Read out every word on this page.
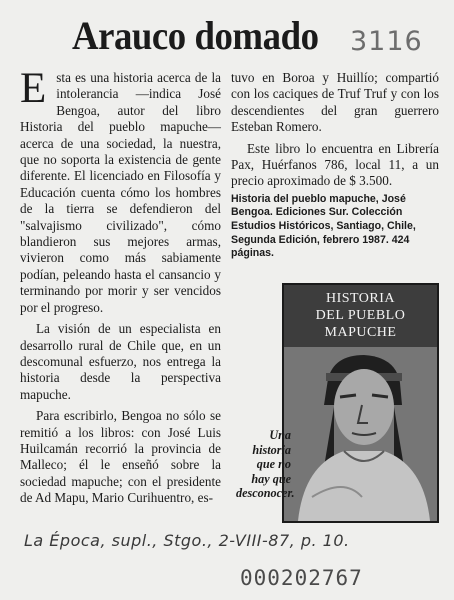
Arauco domado 3116

Esta es una historia acerca de la intolerancia —indica José Bengoa, autor del libro Historia del pueblo mapuche— acerca de una sociedad, la nuestra, que no soporta la existencia de gente diferente. El licenciado en Filosofía y Educación cuenta cómo los hombres de la tierra se defendieron del "salvajismo civilizado", cómo blandieron sus mejores armas, vivieron como más sabiamente podían, peleando hasta el cansancio y terminando por morir y ser vencidos por el progreso.

La visión de un especialista en desarrollo rural de Chile que, en un descomunal esfuerzo, nos entrega la historia desde la perspectiva mapuche.

Para escribirlo, Bengoa no sólo se remitió a los libros: con José Luis Huilcamán recorrió la provincia de Malleco; él le enseñó sobre la sociedad mapuche; con el presidente de Ad Mapu, Mario Curihuentro, es-

tuvo en Boroa y Huillío; compartió con los caciques de Truf Truf y con los descendientes del gran guerrero Esteban Romero.

Este libro lo encuentra en Librería Pax, Huérfanos 786, local 11, a un precio aproximado de $ 3.500.

Historia del pueblo mapuche, José Bengoa. Ediciones Sur. Colección Estudios Históricos, Santiago, Chile, Segunda Edición, febrero 1987. 424 páginas.

HISTORIA
DEL PUEBLO
MAPUCHE
Una
historia
que no
hay que
desconocer.
La Época, supl., Stgo., 2-VIII-87, p. 10.
000202767
